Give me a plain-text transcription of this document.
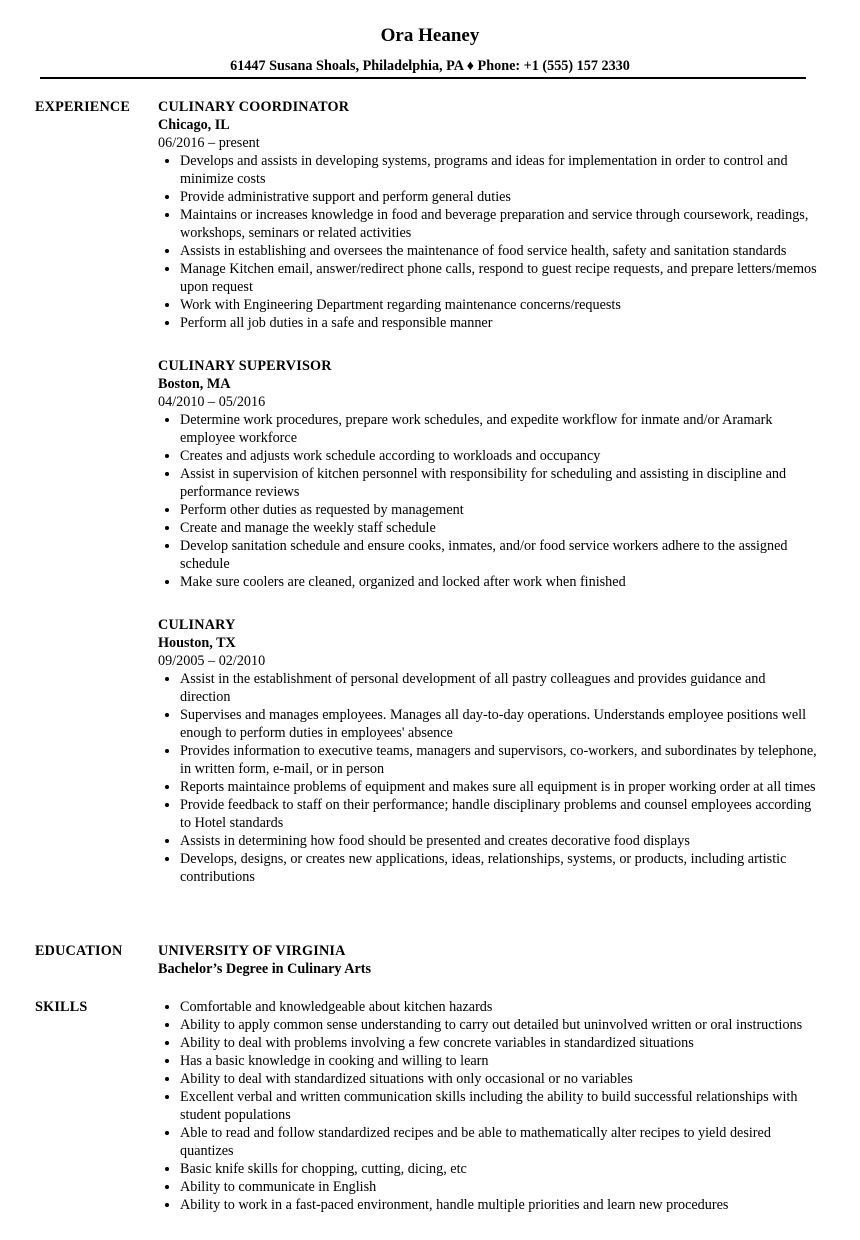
Ora Heaney
61447 Susana Shoals, Philadelphia, PA ♦ Phone: +1 (555) 157 2330
EXPERIENCE CULINARY COORDINATOR
Chicago, IL
06/2016 – present
• Develops and assists in developing systems, programs and ideas for implementation in order to control and minimize costs
• Provide administrative support and perform general duties
• Maintains or increases knowledge in food and beverage preparation and service through coursework, readings, workshops, seminars or related activities
• Assists in establishing and oversees the maintenance of food service health, safety and sanitation standards
• Manage Kitchen email, answer/redirect phone calls, respond to guest recipe requests, and prepare letters/memos upon request
• Work with Engineering Department regarding maintenance concerns/requests
• Perform all job duties in a safe and responsible manner
CULINARY SUPERVISOR
Boston, MA
04/2010 – 05/2016
• Determine work procedures, prepare work schedules, and expedite workflow for inmate and/or Aramark employee workforce
• Creates and adjusts work schedule according to workloads and occupancy
• Assist in supervision of kitchen personnel with responsibility for scheduling and assisting in discipline and performance reviews
• Perform other duties as requested by management
• Create and manage the weekly staff schedule
• Develop sanitation schedule and ensure cooks, inmates, and/or food service workers adhere to the assigned schedule
• Make sure coolers are cleaned, organized and locked after work when finished
CULINARY
Houston, TX
09/2005 – 02/2010
• Assist in the establishment of personal development of all pastry colleagues and provides guidance and direction
• Supervises and manages employees. Manages all day-to-day operations. Understands employee positions well enough to perform duties in employees' absence
• Provides information to executive teams, managers and supervisors, co-workers, and subordinates by telephone, in written form, e-mail, or in person
• Reports maintaince problems of equipment and makes sure all equipment is in proper working order at all times
• Provide feedback to staff on their performance; handle disciplinary problems and counsel employees according to Hotel standards
• Assists in determining how food should be presented and creates decorative food displays
• Develops, designs, or creates new applications, ideas, relationships, systems, or products, including artistic contributions
EDUCATION	UNIVERSITY OF VIRGINIA
Bachelor’s Degree in Culinary Arts
SKILLS
•	Comfortable and knowledgeable about kitchen hazards
• Ability to apply common sense understanding to carry out detailed but uninvolved written or oral instructions
• Ability to deal with problems involving a few concrete variables in standardized situations
• Has a basic knowledge in cooking and willing to learn
• Ability to deal with standardized situations with only occasional or no variables
• Excellent verbal and written communication skills including the ability to build successful relationships with student populations
• Able to read and follow standardized recipes and be able to mathematically alter recipes to yield desired quantizes
• Basic knife skills for chopping, cutting, dicing, etc
• Ability to communicate in English
• Ability to work in a fast-paced environment, handle multiple priorities and learn new procedures
